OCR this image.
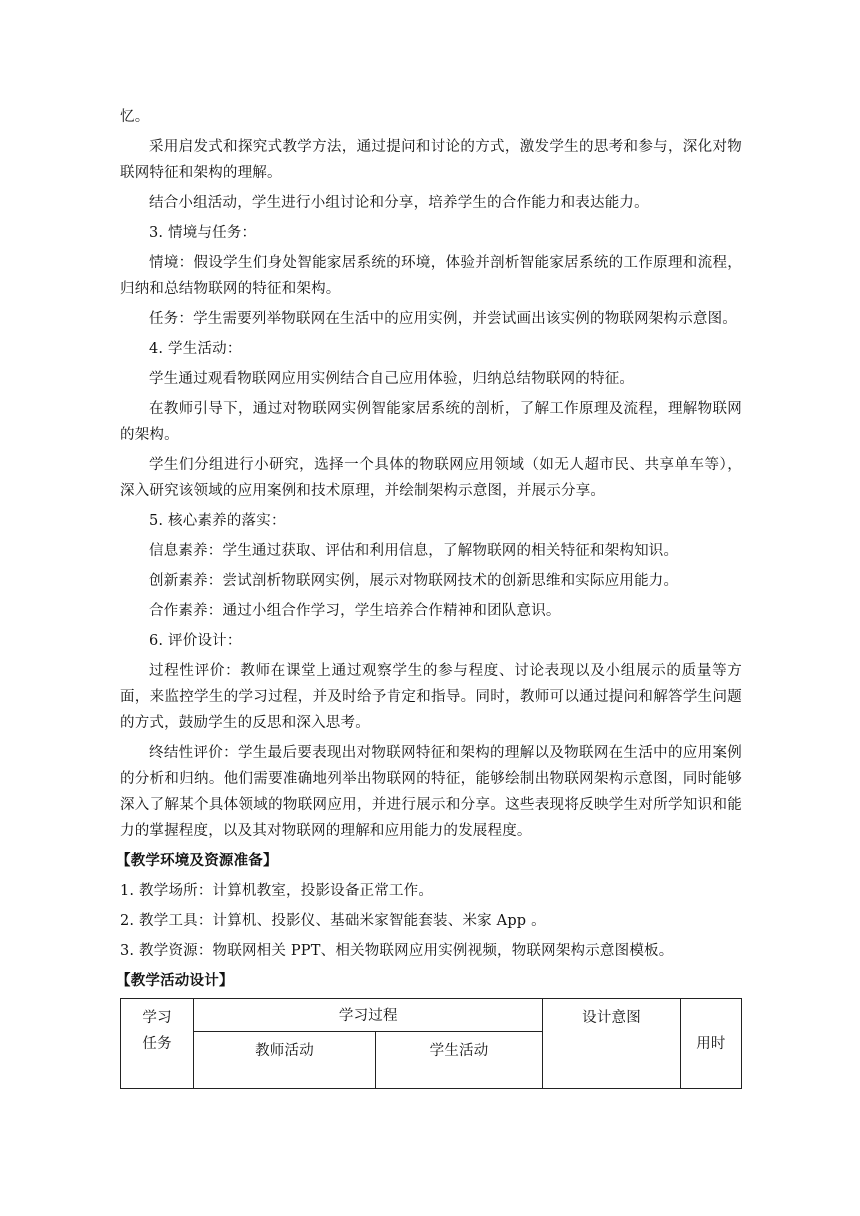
忆。
采用启发式和探究式教学方法，通过提问和讨论的方式，激发学生的思考和参与，深化对物联网特征和架构的理解。
结合小组活动，学生进行小组讨论和分享，培养学生的合作能力和表达能力。
3. 情境与任务：
情境：假设学生们身处智能家居系统的环境，体验并剖析智能家居系统的工作原理和流程，归纳和总结物联网的特征和架构。
任务：学生需要列举物联网在生活中的应用实例，并尝试画出该实例的物联网架构示意图。
4. 学生活动：
学生通过观看物联网应用实例结合自己应用体验，归纳总结物联网的特征。
在教师引导下，通过对物联网实例智能家居系统的剖析，了解工作原理及流程，理解物联网的架构。
学生们分组进行小研究，选择一个具体的物联网应用领域（如无人超市民、共享单车等），深入研究该领域的应用案例和技术原理，并绘制架构示意图，并展示分享。
5. 核心素养的落实：
信息素养：学生通过获取、评估和利用信息，了解物联网的相关特征和架构知识。
创新素养：尝试剖析物联网实例，展示对物联网技术的创新思维和实际应用能力。
合作素养：通过小组合作学习，学生培养合作精神和团队意识。
6. 评价设计：
过程性评价：教师在课堂上通过观察学生的参与程度、讨论表现以及小组展示的质量等方面，来监控学生的学习过程，并及时给予肯定和指导。同时，教师可以通过提问和解答学生问题的方式，鼓励学生的反思和深入思考。
终结性评价：学生最后要表现出对物联网特征和架构的理解以及物联网在生活中的应用案例的分析和归纳。他们需要准确地列举出物联网的特征，能够绘制出物联网架构示意图，同时能够深入了解某个具体领域的物联网应用，并进行展示和分享。这些表现将反映学生对所学知识和能力的掌握程度，以及其对物联网的理解和应用能力的发展程度。
【教学环境及资源准备】
1. 教学场所：计算机教室，投影设备正常工作。
2. 教学工具：计算机、投影仪、基础米家智能套装、米家 App 。
3. 教学资源：物联网相关 PPT、相关物联网应用实例视频，物联网架构示意图模板。
【教学活动设计】
学习
任务	学习过程		设计意图	用时
	教师活动	学生活动		
